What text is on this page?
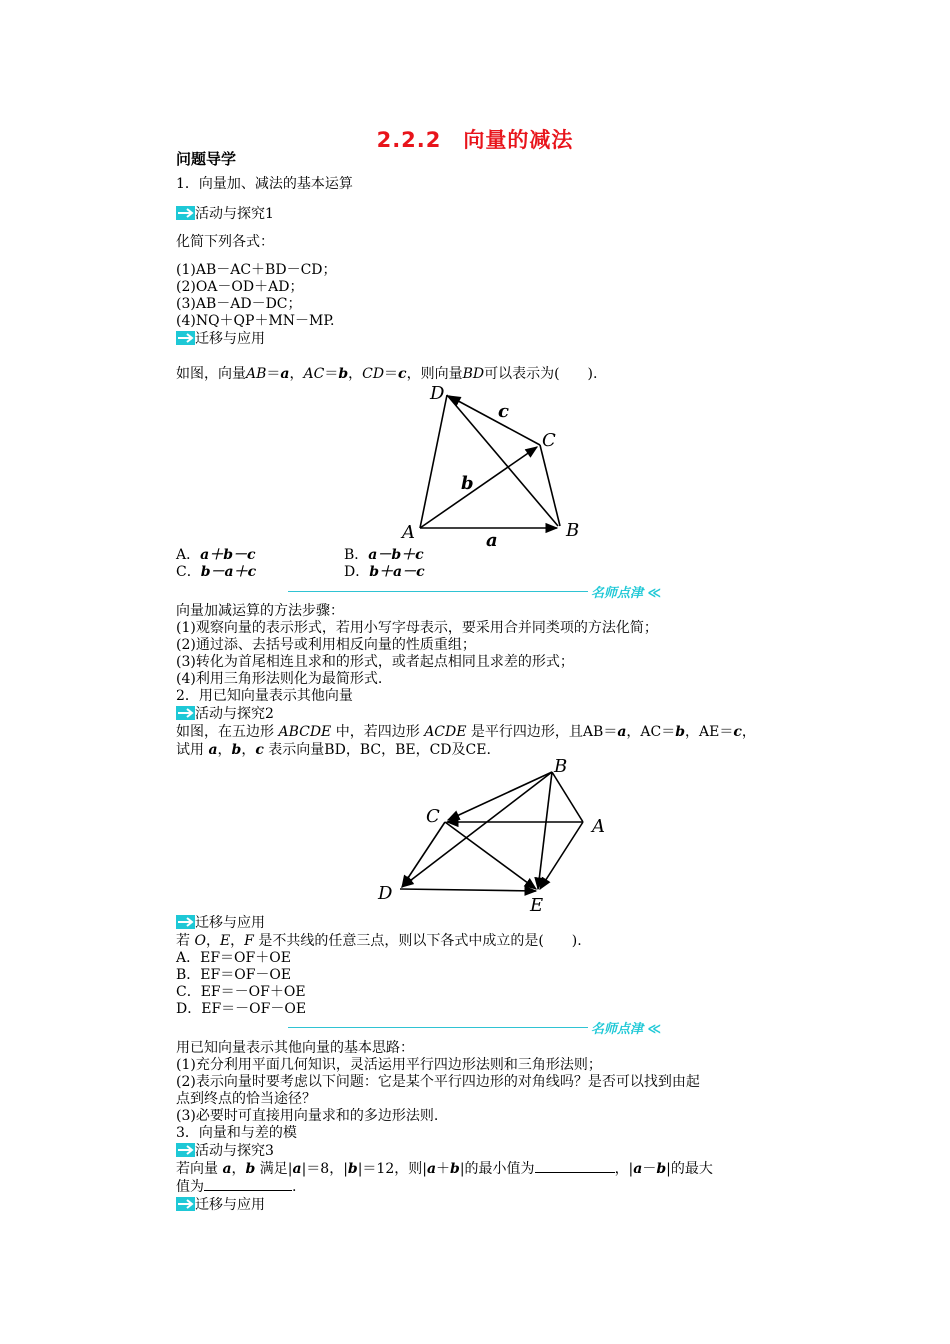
2.2.2　向量的减法
问题导学
1．向量加、减法的基本运算
活动与探究1
化简下列各式：
(1)AB－AC＋BD－CD；
(2)OA－OD＋AD；
(3)AB－AD－DC；
(4)NQ＋QP＋MN－MP.
迁移与应用
如图，向量AB＝a，AC＝b，CD＝c，则向量BD可以表示为(　　).
D
C
A	B
a
b
c
A．a＋b－c	B．a－b＋c
C．b－a＋c	D．b＋a－c
名师点津 ≪
向量加减运算的方法步骤：
(1)观察向量的表示形式，若用小写字母表示，要采用合并同类项的方法化简；
(2)通过添、去括号或利用相反向量的性质重组；
(3)转化为首尾相连且求和的形式，或者起点相同且求差的形式；
(4)利用三角形法则化为最简形式.
2．用已知向量表示其他向量
活动与探究2
如图，在五边形 ABCDE 中，若四边形 ACDE 是平行四边形，且AB＝a，AC＝b，AE＝c，
试用 a，b，c 表示向量BD，BC，BE，CD及CE.
B
A
C
D
E
迁移与应用
若 O，E，F 是不共线的任意三点，则以下各式中成立的是(　　).
A．EF＝OF＋OE
B．EF＝OF－OE
C．EF＝－OF＋OE
D．EF＝－OF－OE
名师点津 ≪
用已知向量表示其他向量的基本思路：
(1)充分利用平面几何知识，灵活运用平行四边形法则和三角形法则；
(2)表示向量时要考虑以下问题：它是某个平行四边形的对角线吗？是否可以找到由起
点到终点的恰当途径？
(3)必要时可直接用向量求和的多边形法则.
3．向量和与差的模
活动与探究3
若向量 a，b 满足|a|＝8，|b|＝12，则|a＋b|的最小值为	，|a－b|的最大
值为	.
迁移与应用
